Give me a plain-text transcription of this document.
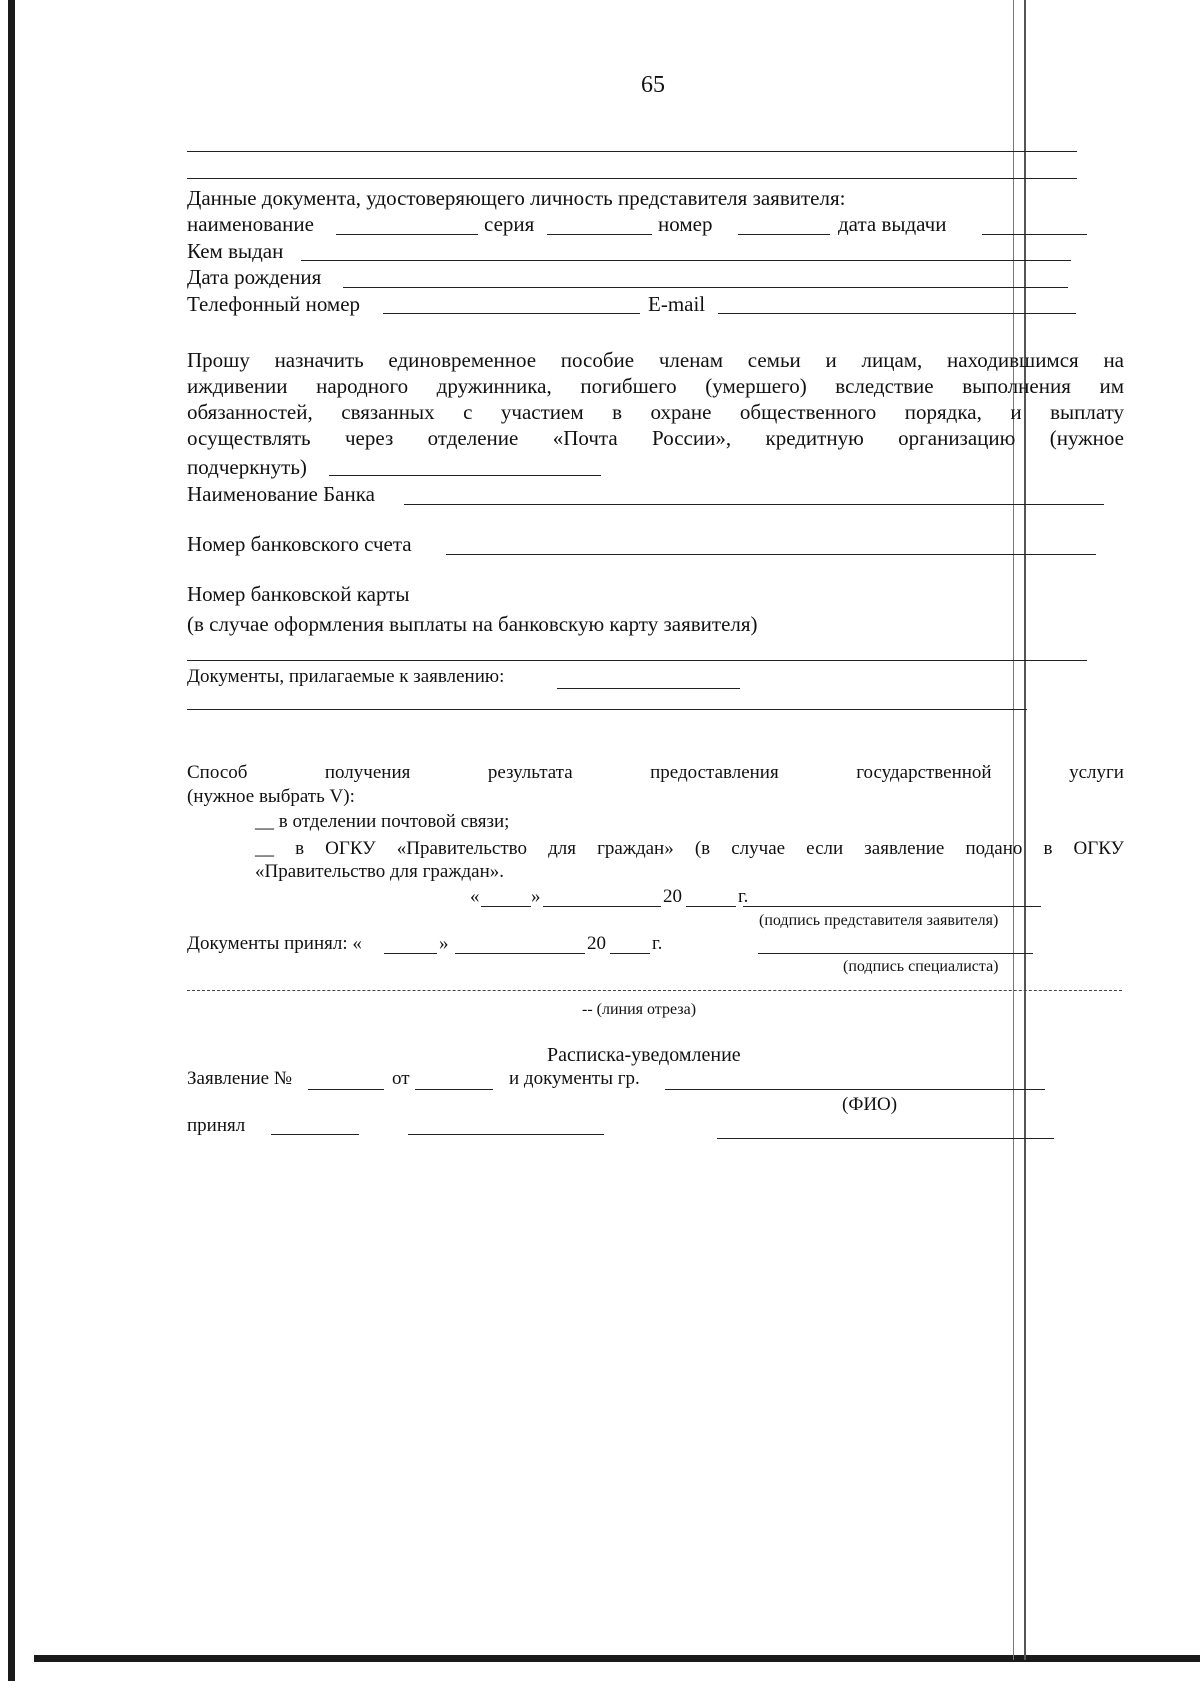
65
Данные документа, удостоверяющего личность представителя заявителя:
наименование	серия	номер	дата выдачи
Кем выдан
Дата рождения
Телефонный номер	E-mail
Прошу назначить единовременное пособие членам семьи и лицам, находившимся на
иждивении народного дружинника, погибшего (умершего) вследствие выполнения им
обязанностей, связанных с участием в охране общественного порядка, и выплату
осуществлять через отделение «Почта России», кредитную организацию (нужное
подчеркнуть)
Наименование Банка
Номер банковского счета
Номер банковской карты
(в случае оформления выплаты на банковскую карту заявителя)
Документы, прилагаемые к заявлению:
Способ	получения	результата	предоставления	государственной	услуги
(нужное выбрать V):
__ в отделении почтовой связи;
__ в ОГКУ «Правительство для граждан» (в случае если заявление подано в ОГКУ
«Правительство для граждан».
«	»	20	г.
(подпись представителя заявителя)
Документы принял: «	»	20 г.
(подпись специалиста)
-- (линия отреза)
Расписка-уведомление
Заявление №	от	и документы гр.
(ФИО)
принял
